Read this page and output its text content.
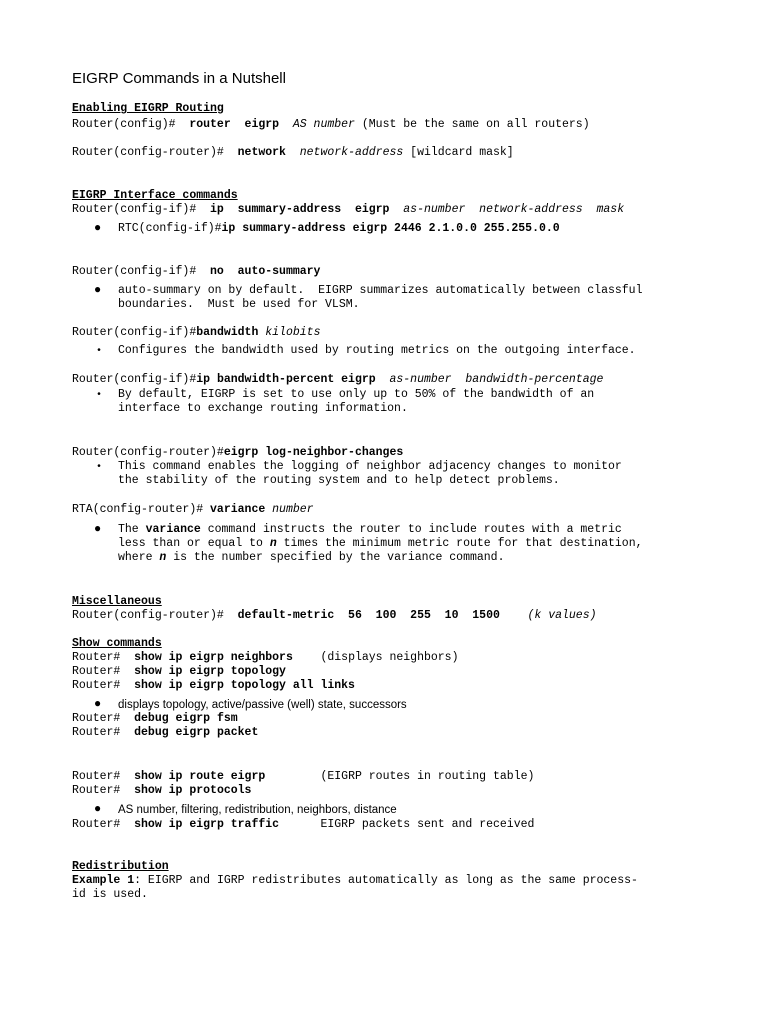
EIGRP Commands in a Nutshell
Enabling EIGRP Routing
Router(config)#  router  eigrp  AS number (Must be the same on all routers)
Router(config-router)#  network  network-address [wildcard mask]
EIGRP Interface commands
Router(config-if)#  ip  summary-address  eigrp  as-number  network-address  mask
● RTC(config-if)#ip summary-address eigrp 2446 2.1.0.0 255.255.0.0
Router(config-if)#  no  auto-summary
● auto-summary on by default.  EIGRP summarizes automatically between classful
boundaries.  Must be used for VLSM.
Router(config-if)#bandwidth kilobits
• Configures the bandwidth used by routing metrics on the outgoing interface.
Router(config-if)#ip bandwidth-percent eigrp  as-number  bandwidth-percentage
• By default, EIGRP is set to use only up to 50% of the bandwidth of an
interface to exchange routing information.
Router(config-router)#eigrp log-neighbor-changes
• This command enables the logging of neighbor adjacency changes to monitor
the stability of the routing system and to help detect problems.
RTA(config-router)# variance number
● The variance command instructs the router to include routes with a metric
less than or equal to n times the minimum metric route for that destination,
where n is the number specified by the variance command.
Miscellaneous
Router(config-router)#  default-metric  56  100  255  10  1500    (k values)
Show commands
Router#  show ip eigrp neighbors    (displays neighbors)
Router#  show ip eigrp topology
Router#  show ip eigrp topology all links
● displays topology, active/passive (well) state, successors
Router#  debug eigrp fsm
Router#  debug eigrp packet
Router#  show ip route eigrp        (EIGRP routes in routing table)
Router#  show ip protocols
● AS number, filtering, redistribution, neighbors, distance
Router#  show ip eigrp traffic      EIGRP packets sent and received
Redistribution
Example 1: EIGRP and IGRP redistributes automatically as long as the same process-
id is used.
